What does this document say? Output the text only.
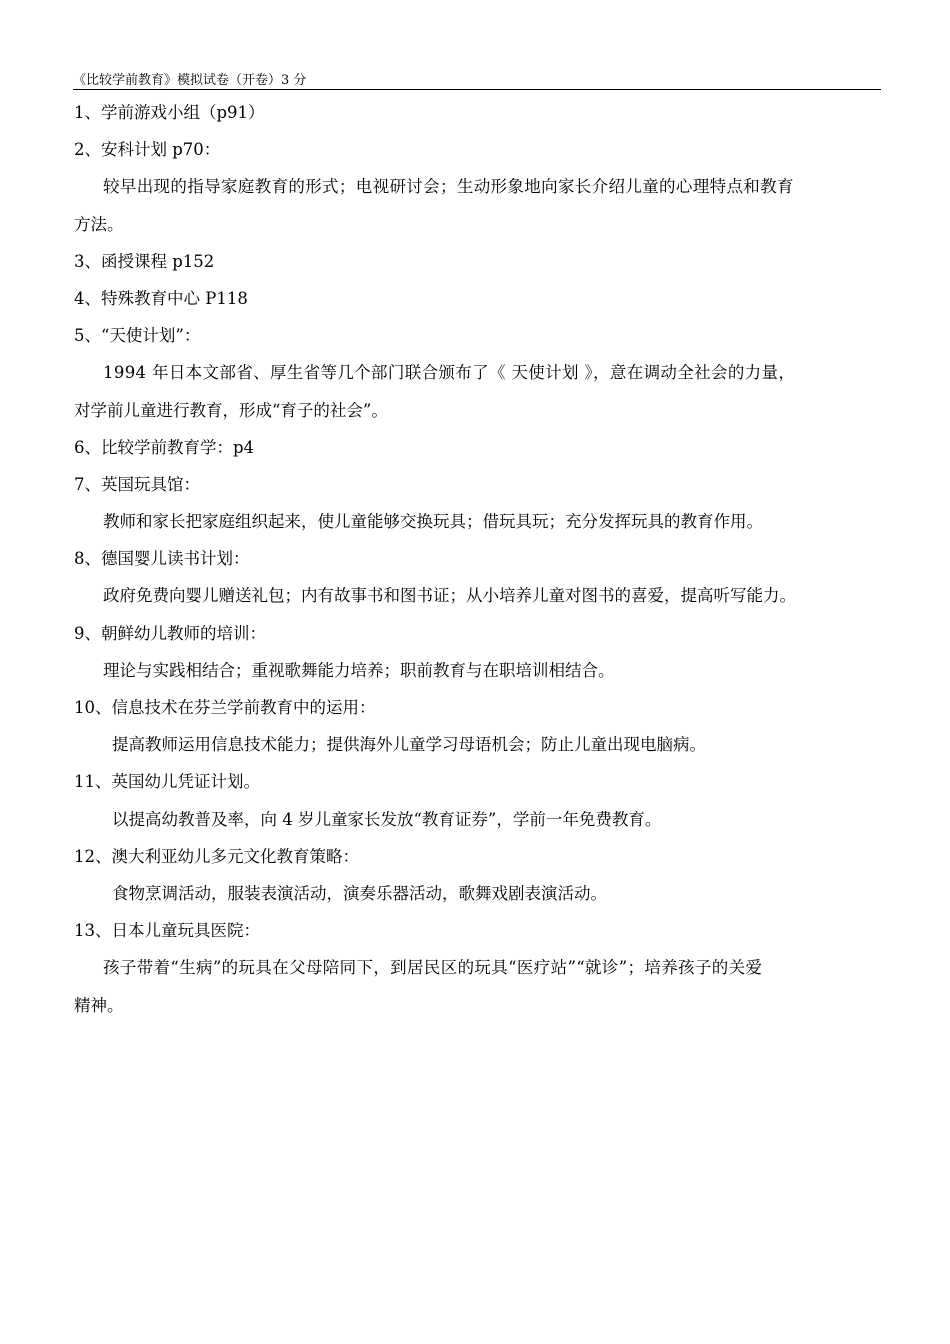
《比较学前教育》模拟试卷（开卷）3 分
1、学前游戏小组（p91）
2、安科计划 p70：
较早出现的指导家庭教育的形式；电视研讨会；生动形象地向家长介绍儿童的心理特点和教育
方法。
3、函授课程 p152
4、特殊教育中心 P118
5、“天使计划”：
1994 年日本文部省、厚生省等几个部门联合颁布了《 天使计划 》，意在调动全社会的力量，
对学前儿童进行教育，形成“育子的社会”。
6、比较学前教育学：p4
7、英国玩具馆：
教师和家长把家庭组织起来，使儿童能够交换玩具；借玩具玩；充分发挥玩具的教育作用。
8、德国婴儿读书计划：
政府免费向婴儿赠送礼包；内有故事书和图书证；从小培养儿童对图书的喜爱，提高听写能力。
9、朝鲜幼儿教师的培训：
理论与实践相结合；重视歌舞能力培养；职前教育与在职培训相结合。
10、信息技术在芬兰学前教育中的运用：
提高教师运用信息技术能力；提供海外儿童学习母语机会；防止儿童出现电脑病。
11、英国幼儿凭证计划。
以提高幼教普及率，向 4 岁儿童家长发放“教育证券”，学前一年免费教育。
12、澳大利亚幼儿多元文化教育策略：
食物烹调活动，服装表演活动，演奏乐器活动，歌舞戏剧表演活动。
13、日本儿童玩具医院：
孩子带着“生病”的玩具在父母陪同下，到居民区的玩具“医疗站”“就诊”；培养孩子的关爱
精神。
